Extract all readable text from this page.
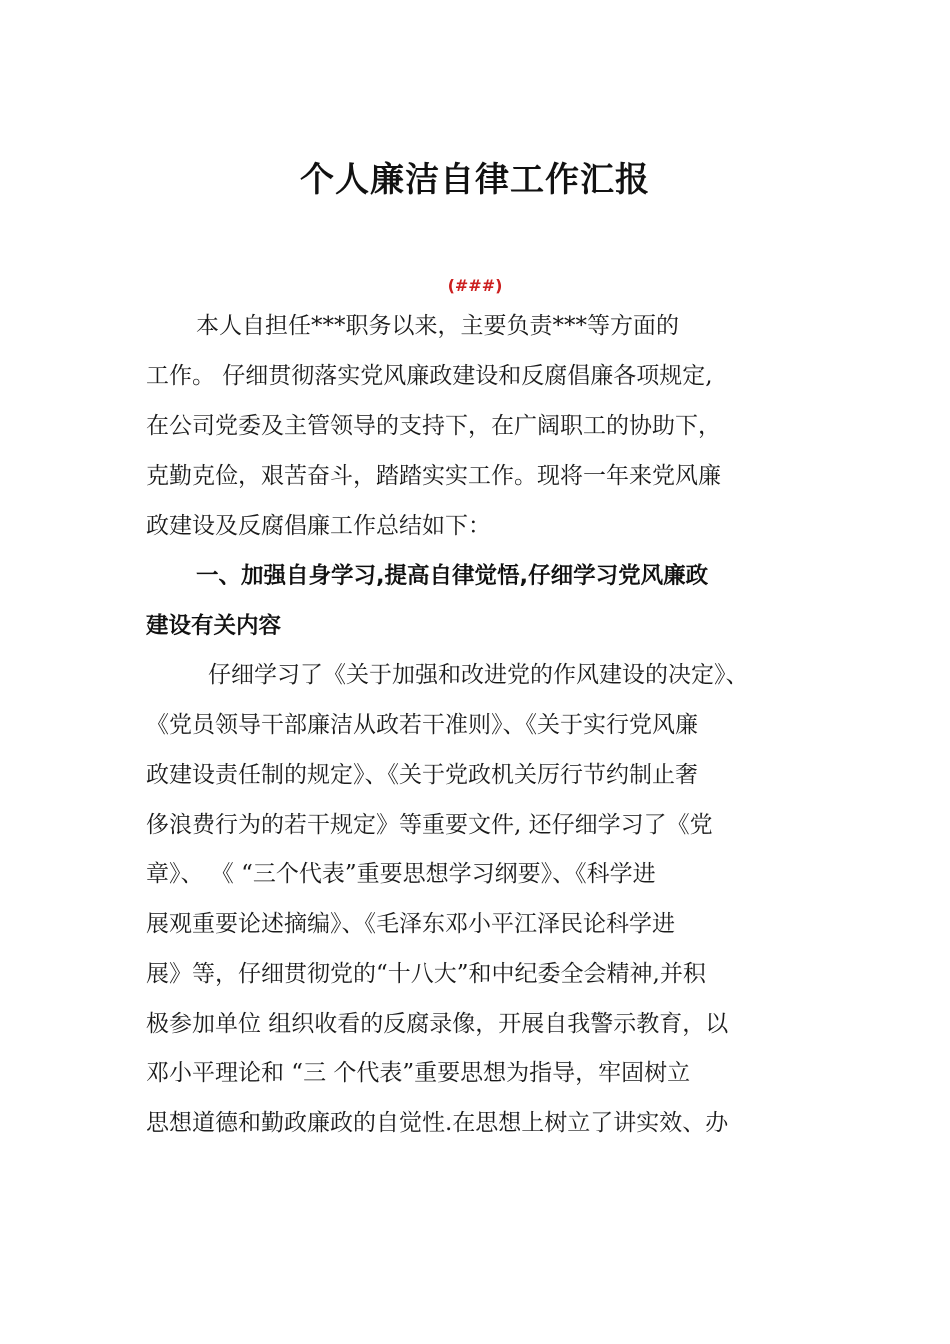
个人廉洁自律工作汇报
(###)
本人自担任***职务以来，主要负责***等方面的
工作。 仔细贯彻落实党风廉政建设和反腐倡廉各项规定,
在公司党委及主管领导的支持下，在广阔职工的协助下，
克勤克俭，艰苦奋斗，踏踏实实工作。现将一年来党风廉
政建设及反腐倡廉工作总结如下：
一、加强自身学习,提高自律觉悟,仔细学习党风廉政
建设有关内容
仔细学习了《关于加强和改进党的作风建设的决定》、
《党员领导干部廉洁从政若干准则》、《关于实行党风廉
政建设责任制的规定》、《关于党政机关厉行节约制止奢
侈浪费行为的若干规定》等重要文件, 还仔细学习了《党
章》、 《 “三个代表”重要思想学习纲要》、《科学进
展观重要论述摘编》、《毛泽东邓小平江泽民论科学进
展》等，仔细贯彻党的“十八大”和中纪委全会精神,并积
极参加单位 组织收看的反腐录像，开展自我警示教育，以
邓小平理论和 “三 个代表”重要思想为指导，牢固树立
思想道德和勤政廉政的自觉性.在思想上树立了讲实效、办
